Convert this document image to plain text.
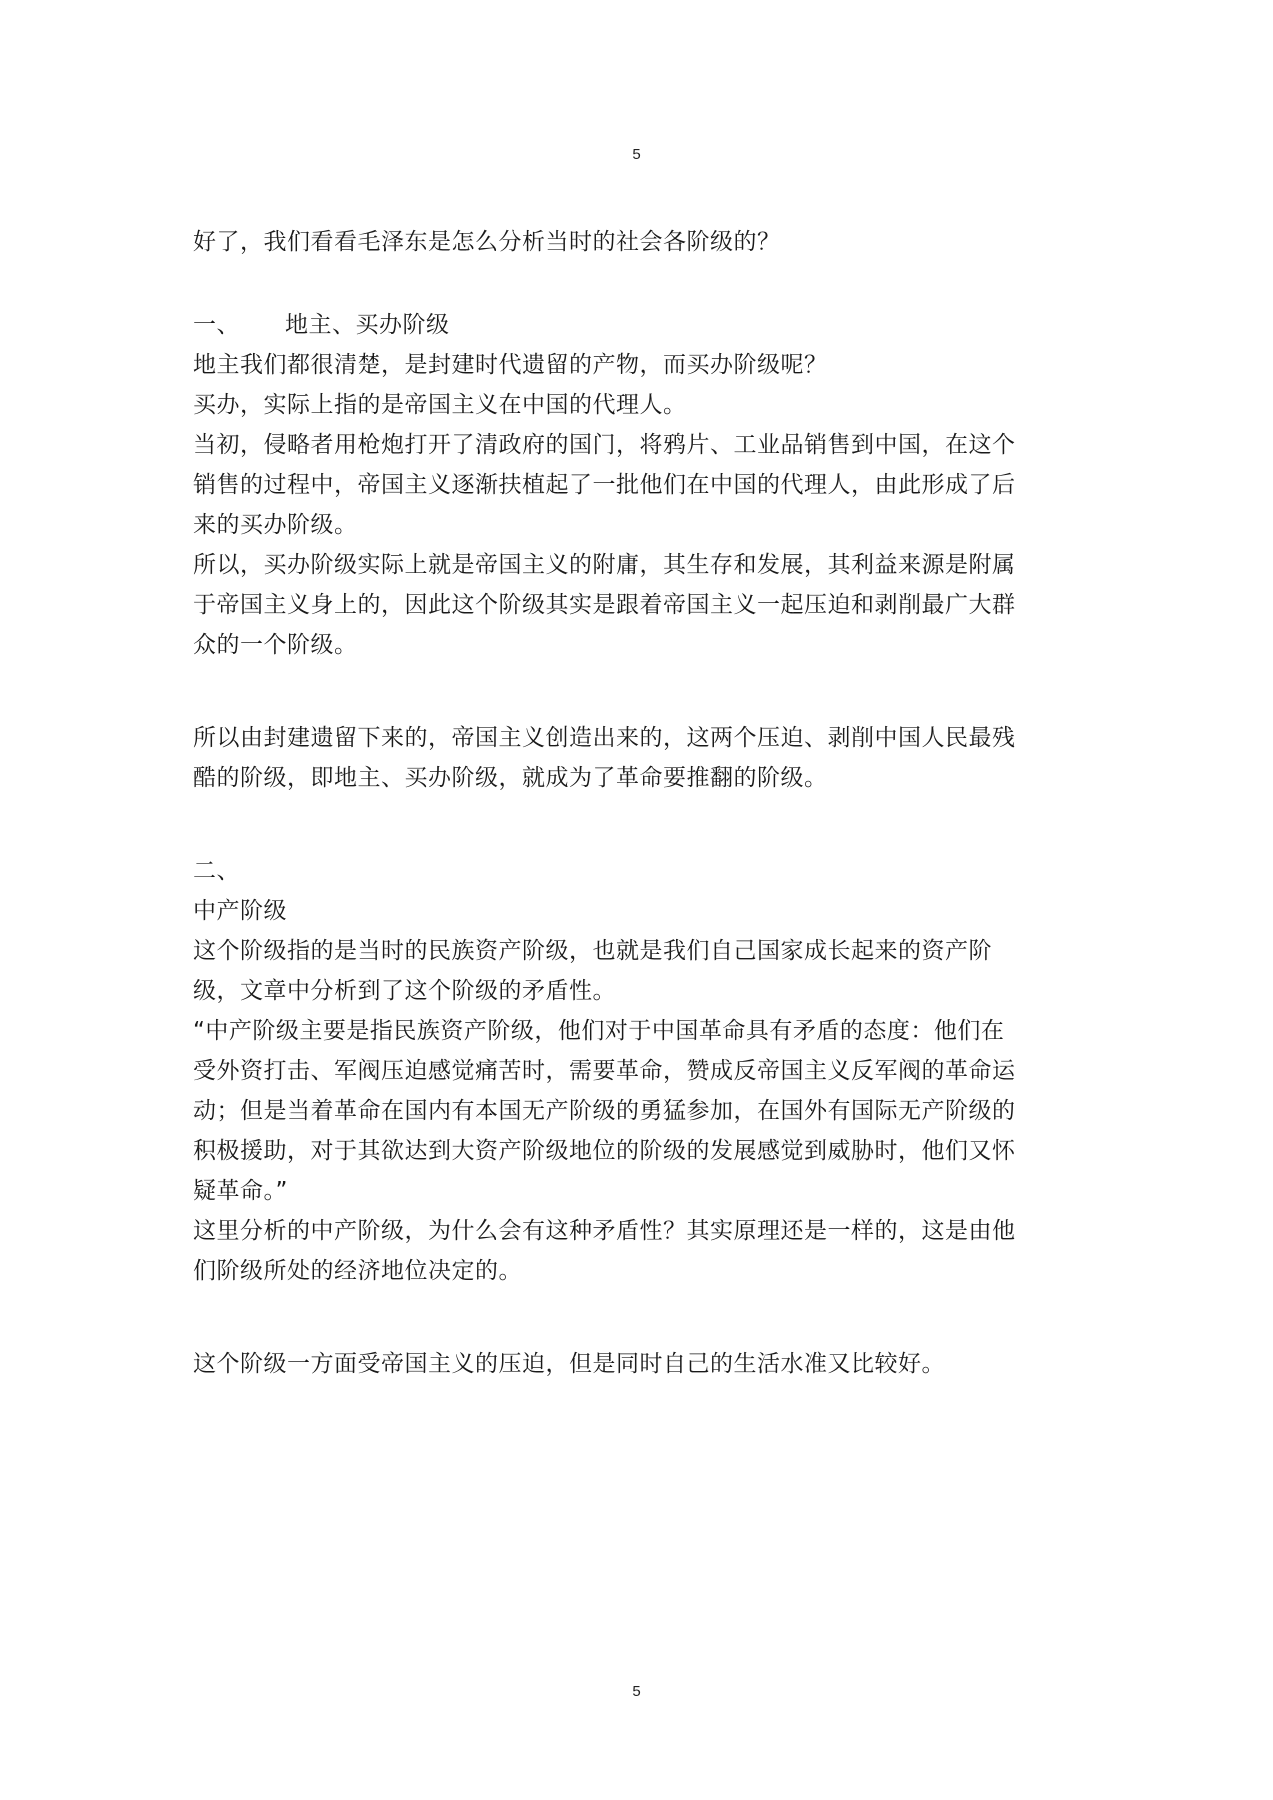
5

好了，我们看看毛泽东是怎么分析当时的社会各阶级的？

一、	地主、买办阶级

地主我们都很清楚，是封建时代遗留的产物，而买办阶级呢？

买办，实际上指的是帝国主义在中国的代理人。

当初，侵略者用枪炮打开了清政府的国门，将鸦片、工业品销售到中国，在这个

销售的过程中，帝国主义逐渐扶植起了一批他们在中国的代理人，由此形成了后

来的买办阶级。

所以，买办阶级实际上就是帝国主义的附庸，其生存和发展，其利益来源是附属

于帝国主义身上的，因此这个阶级其实是跟着帝国主义一起压迫和剥削最广大群

众的一个阶级。

所以由封建遗留下来的，帝国主义创造出来的，这两个压迫、剥削中国人民最残

酷的阶级，即地主、买办阶级，就成为了革命要推翻的阶级。

二、

中产阶级

这个阶级指的是当时的民族资产阶级，也就是我们自己国家成长起来的资产阶

级，文章中分析到了这个阶级的矛盾性。

“中产阶级主要是指民族资产阶级，他们对于中国革命具有矛盾的态度：他们在

受外资打击、军阀压迫感觉痛苦时，需要革命，赞成反帝国主义反军阀的革命运

动；但是当着革命在国内有本国无产阶级的勇猛参加，在国外有国际无产阶级的

积极援助，对于其欲达到大资产阶级地位的阶级的发展感觉到威胁时，他们又怀

疑革命。”

这里分析的中产阶级，为什么会有这种矛盾性？其实原理还是一样的，这是由他

们阶级所处的经济地位决定的。

这个阶级一方面受帝国主义的压迫，但是同时自己的生活水准又比较好。

5
